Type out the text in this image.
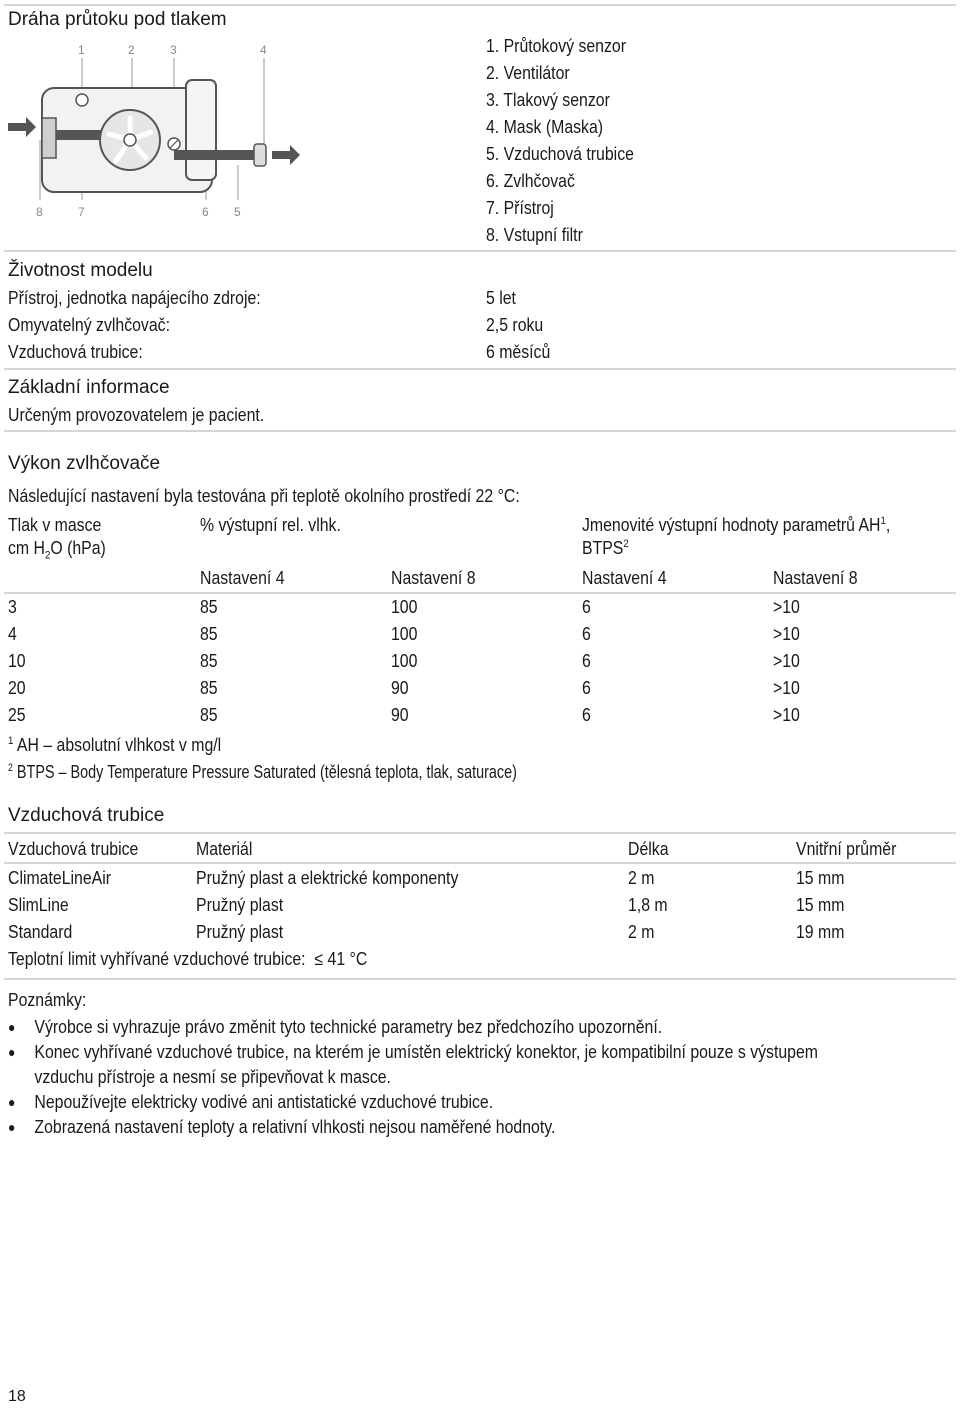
Dráha průtoku pod tlakem
1	2	3	4
8	7	6 5
1. Průtokový senzor
2. Ventilátor
3. Tlakový senzor
4. Mask (Maska)
5. Vzduchová trubice
6. Zvlhčovač
7. Přístroj
8. Vstupní filtr
Životnost modelu
Přístroj, jednotka napájecího zdroje:	5 let
Omyvatelný zvlhčovač:	2,5 roku
Vzduchová trubice:	6 měsíců
Základní informace
Určeným provozovatelem je pacient.
Výkon zvlhčovače
Následující nastavení byla testována při teplotě okolního prostředí 22 °C:
Tlak v masce
cm $H_2O$ (hPa)
% výstupní rel. vlhk.	Jmenovité výstupní hodnoty parametrů $AH^1$,
BTPS$^2$
Nastavení 4	Nastavení 8	Nastavení 4	Nastavení 8
3	85	100	6	>10
4	85	100	6	>10
10	85	100	6	>10
20	85	90	6	>10
25	85	90	6	>10
$^1$ AH – absolutní vlhkost v mg/l
$^2$ BTPS – Body Temperature Pressure Saturated (tělesná teplota, tlak, saturace)
Vzduchová trubice
Vzduchová trubice	Materiál	Délka	Vnitřní průměr
ClimateLineAir	Pružný plast a elektrické komponenty	2 m	15 mm
SlimLine	Pružný plast	1,8 m	15 mm
Standard	Pružný plast	2 m	19 mm
Teplotní limit vyhřívané vzduchové trubice: ≤ 41 °C
Poznámky:
● Výrobce si vyhrazuje právo změnit tyto technické parametry bez předchozího upozornění.
● Konec vyhřívané vzduchové trubice, na kterém je umístěn elektrický konektor, je kompatibilní pouze s výstupem vzduchu přístroje a nesmí se připevňovat k masce.
● Nepoužívejte elektricky vodivé ani antistatické vzduchové trubice.
● Zobrazená nastavení teploty a relativní vlhkosti nejsou naměřené hodnoty.
18
